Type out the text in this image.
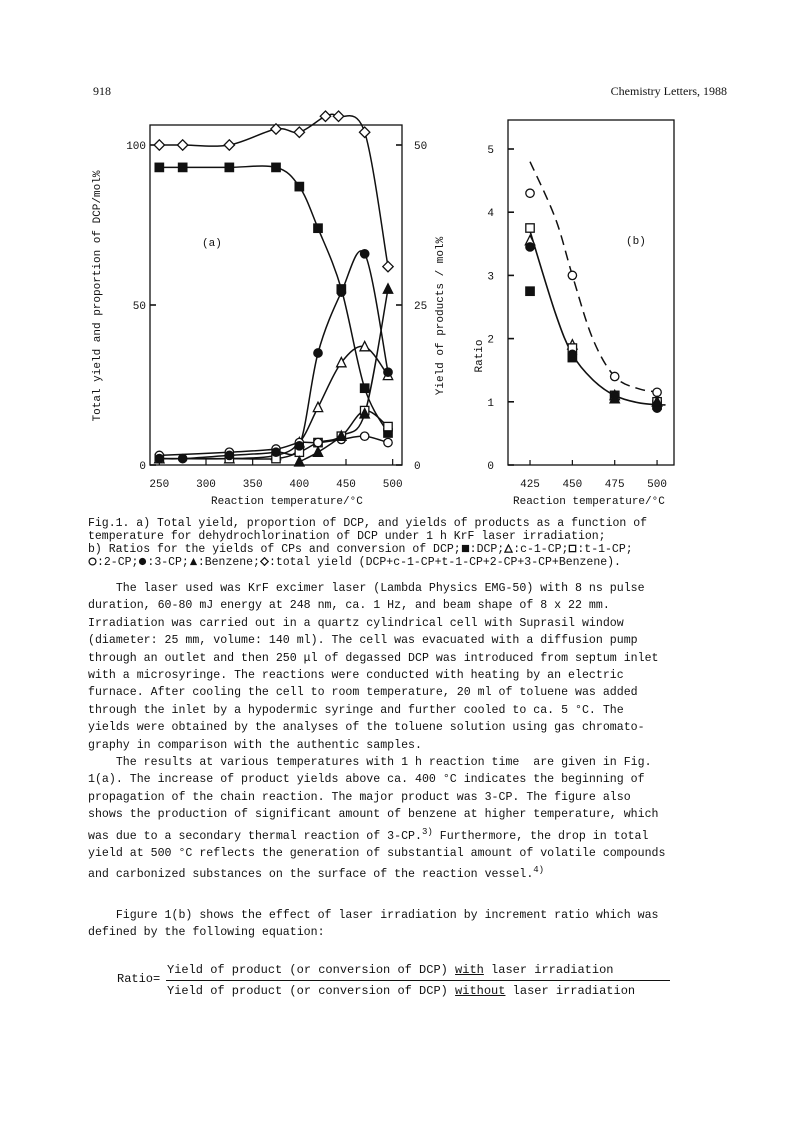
918	Chemistry Letters, 1988
250 300 350 400 450 500
0
50
100
0
25
50
(a)
Reaction temperature/°C
Total yield and proportion of DCP/mol%	Yield of products / mol%
425 450 475 500
0
1
2
3
4
5
(b)
Reaction temperature/°C
Ratio
Fig.1. a) Total yield, proportion of DCP, and yields of products as a function of
temperature for dehydrochlorination of DCP under 1 h KrF laser irradiation;
b) Ratios for the yields of CPs and conversion of DCP; :DCP; :c-1-CP; :t-1-CP;
:2-CP; :3-CP; :Benzene; :total yield (DCP+c-1-CP+t-1-CP+2-CP+3-CP+Benzene).
The laser used was KrF excimer laser (Lambda Physics EMG-50) with 8 ns pulse
duration, 60-80 mJ energy at 248 nm, ca. 1 Hz, and beam shape of 8 x 22 mm.
Irradiation was carried out in a quartz cylindrical cell with Suprasil window
(diameter: 25 mm, volume: 140 ml). The cell was evacuated with a diffusion pump
through an outlet and then 250 μl of degassed DCP was introduced from septum inlet
with a microsyringe. The reactions were conducted with heating by an electric
furnace. After cooling the cell to room temperature, 20 ml of toluene was added
through the inlet by a hypodermic syringe and further cooled to ca. 5 °C. The
yields were obtained by the analyses of the toluene solution using gas chromato-
graphy in comparison with the authentic samples.
The results at various temperatures with 1 h reaction time  are given in Fig.
1(a). The increase of product yields above ca. 400 °C indicates the beginning of
propagation of the chain reaction. The major product was 3-CP. The figure also
shows the production of significant amount of benzene at higher temperature, which
was due to a secondary thermal reaction of 3-CP.$^{3)}$ Furthermore, the drop in total
yield at 500 °C reflects the generation of substantial amount of volatile compounds
and carbonized substances on the surface of the reaction vessel.$^{4)}$
Figure 1(b) shows the effect of laser irradiation by increment ratio which was
defined by the following equation:
Ratio=
Yield of product (or conversion of DCP) with laser irradiation
Yield of product (or conversion of DCP) without laser irradiation
